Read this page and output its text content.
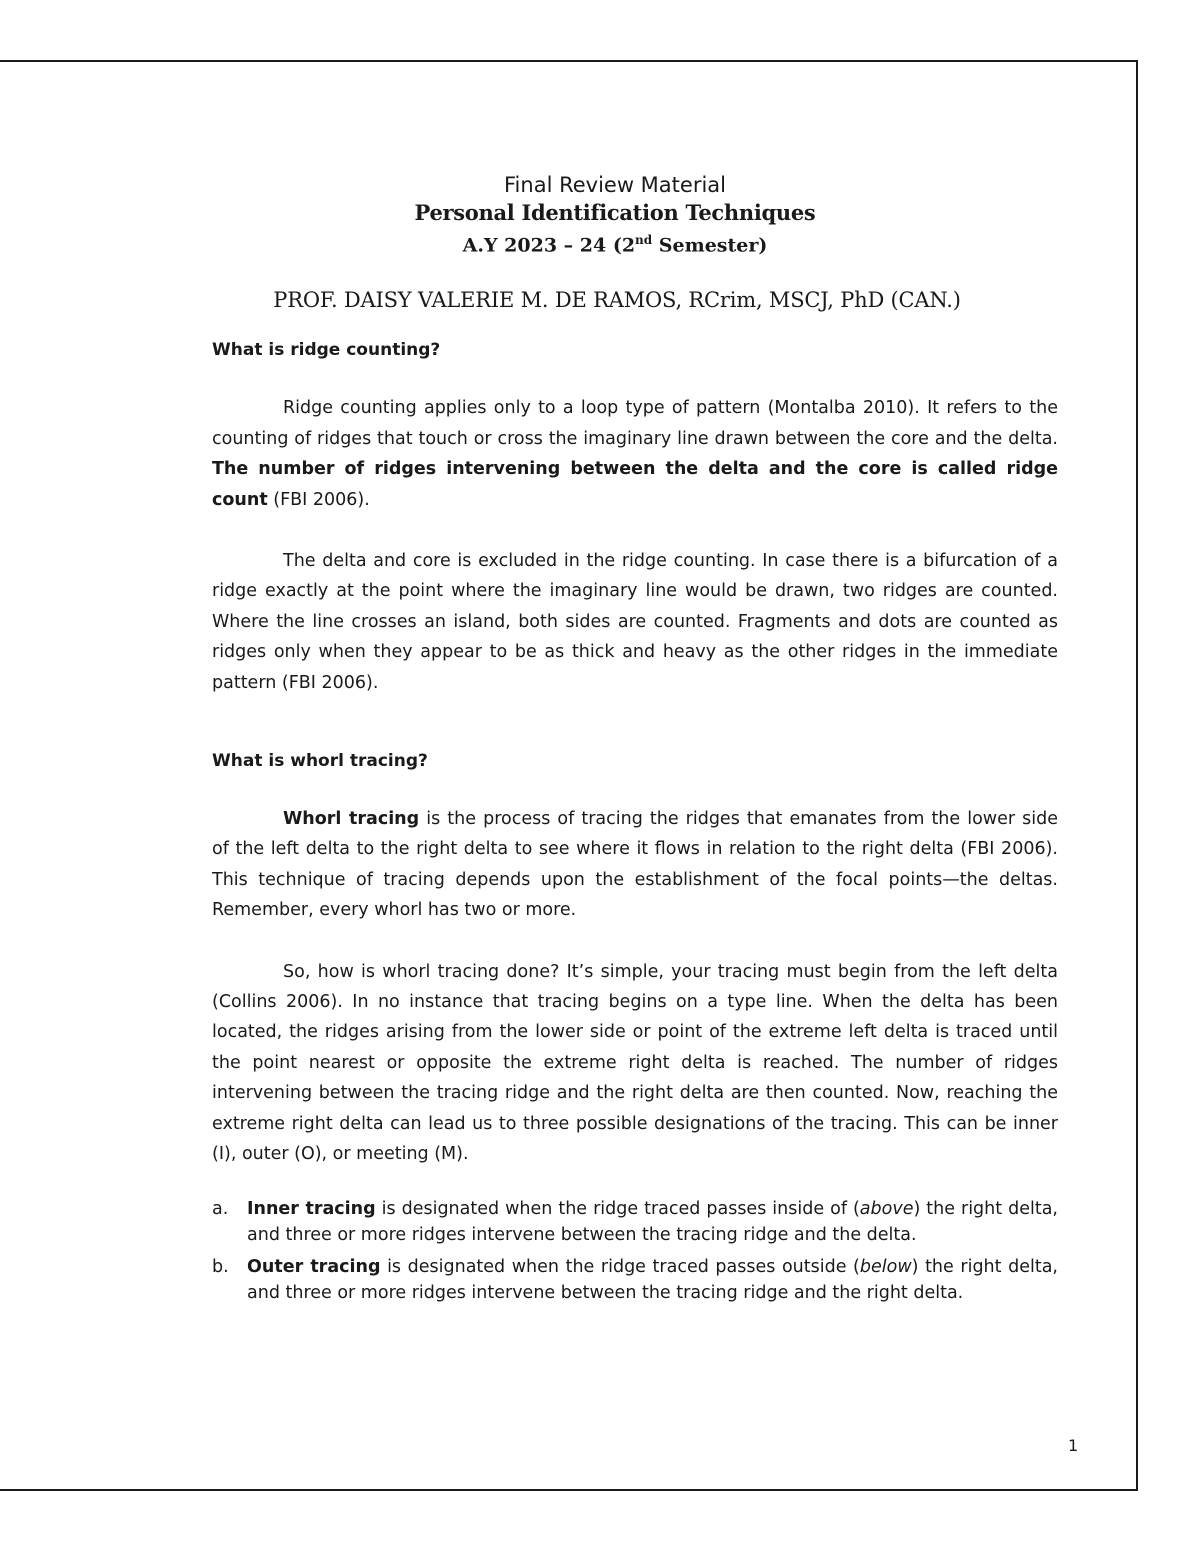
Final Review Material
Personal Identification Techniques
A.Y 2023 – 24 (2nd Semester)
PROF. DAISY VALERIE M. DE RAMOS, RCrim, MSCJ, PhD (CAN.)
What is ridge counting?

Ridge counting applies only to a loop type of pattern (Montalba 2010). It refers to the counting of ridges that touch or cross the imaginary line drawn between the core and the delta. The number of ridges intervening between the delta and the core is called ridge count (FBI 2006).

The delta and core is excluded in the ridge counting. In case there is a bifurcation of a ridge exactly at the point where the imaginary line would be drawn, two ridges are counted. Where the line crosses an island, both sides are counted. Fragments and dots are counted as ridges only when they appear to be as thick and heavy as the other ridges in the immediate pattern (FBI 2006).

What is whorl tracing?

Whorl tracing is the process of tracing the ridges that emanates from the lower side of the left delta to the right delta to see where it flows in relation to the right delta (FBI 2006). This technique of tracing depends upon the establishment of the focal points—the deltas. Remember, every whorl has two or more.

So, how is whorl tracing done? It’s simple, your tracing must begin from the left delta (Collins 2006). In no instance that tracing begins on a type line. When the delta has been located, the ridges arising from the lower side or point of the extreme left delta is traced until the point nearest or opposite the extreme right delta is reached. The number of ridges intervening between the tracing ridge and the right delta are then counted. Now, reaching the extreme right delta can lead us to three possible designations of the tracing. This can be inner (I), outer (O), or meeting (M).

a. Inner tracing is designated when the ridge traced passes inside of (above) the right delta, and three or more ridges intervene between the tracing ridge and the delta.
b. Outer tracing is designated when the ridge traced passes outside (below) the right delta, and three or more ridges intervene between the tracing ridge and the right delta.
1
